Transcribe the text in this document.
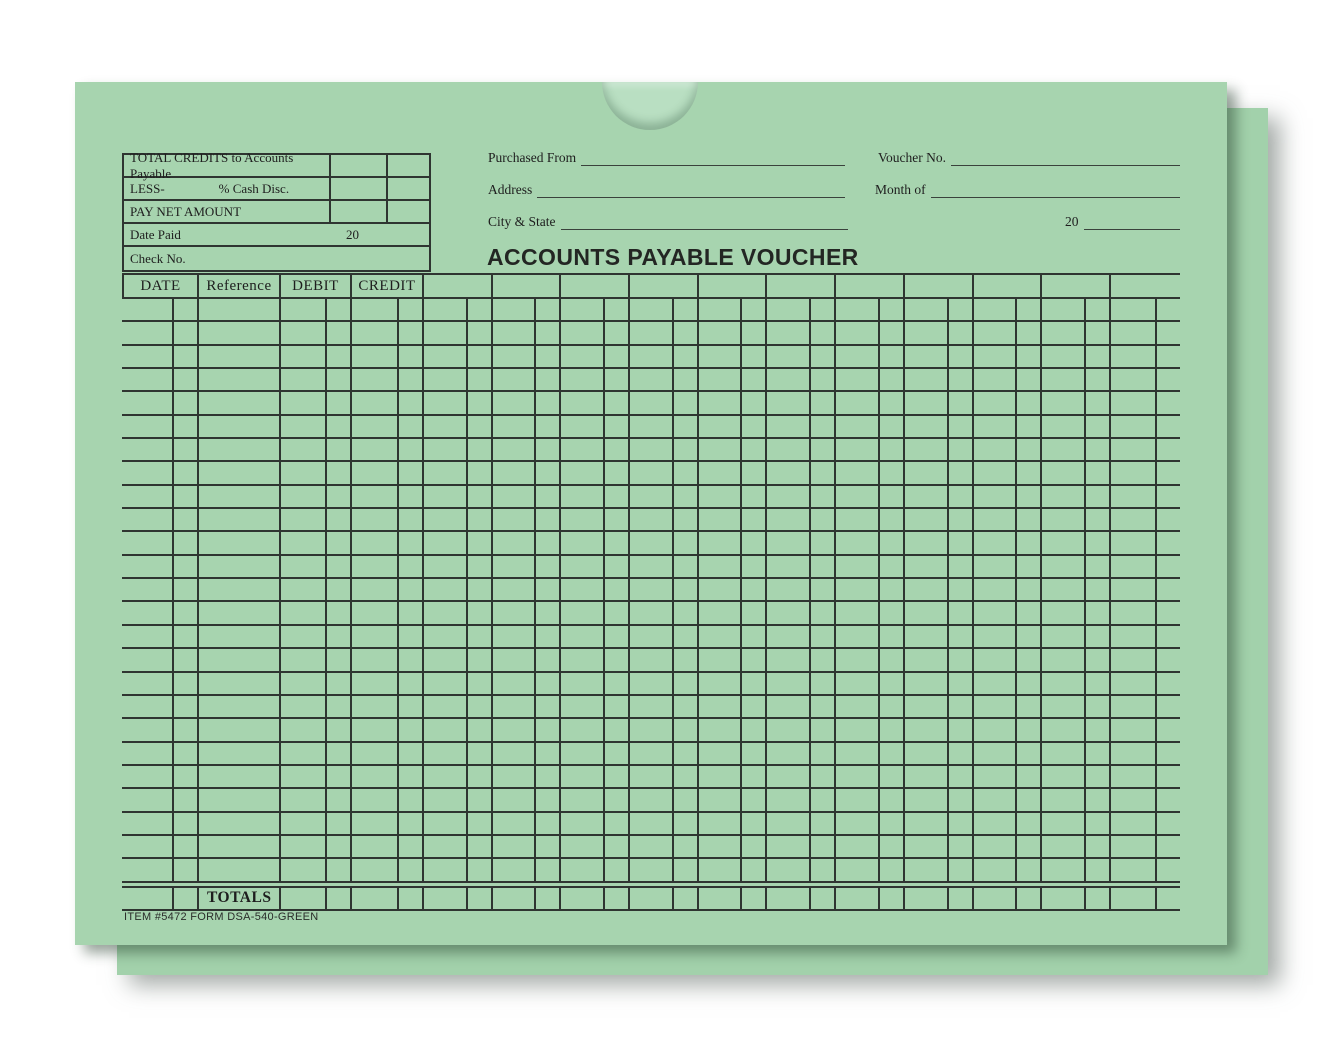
TOTAL CREDITS to Accounts Payable
LESS-	% Cash Disc.
PAY NET AMOUNT
Date Paid	20
Check No.
Purchased From	Voucher No.
Address	Month of
City & State	20
ACCOUNTS PAYABLE VOUCHER
DATE	Reference	DEBIT	CREDIT
TOTALS
ITEM #5472 FORM DSA-540-GREEN
